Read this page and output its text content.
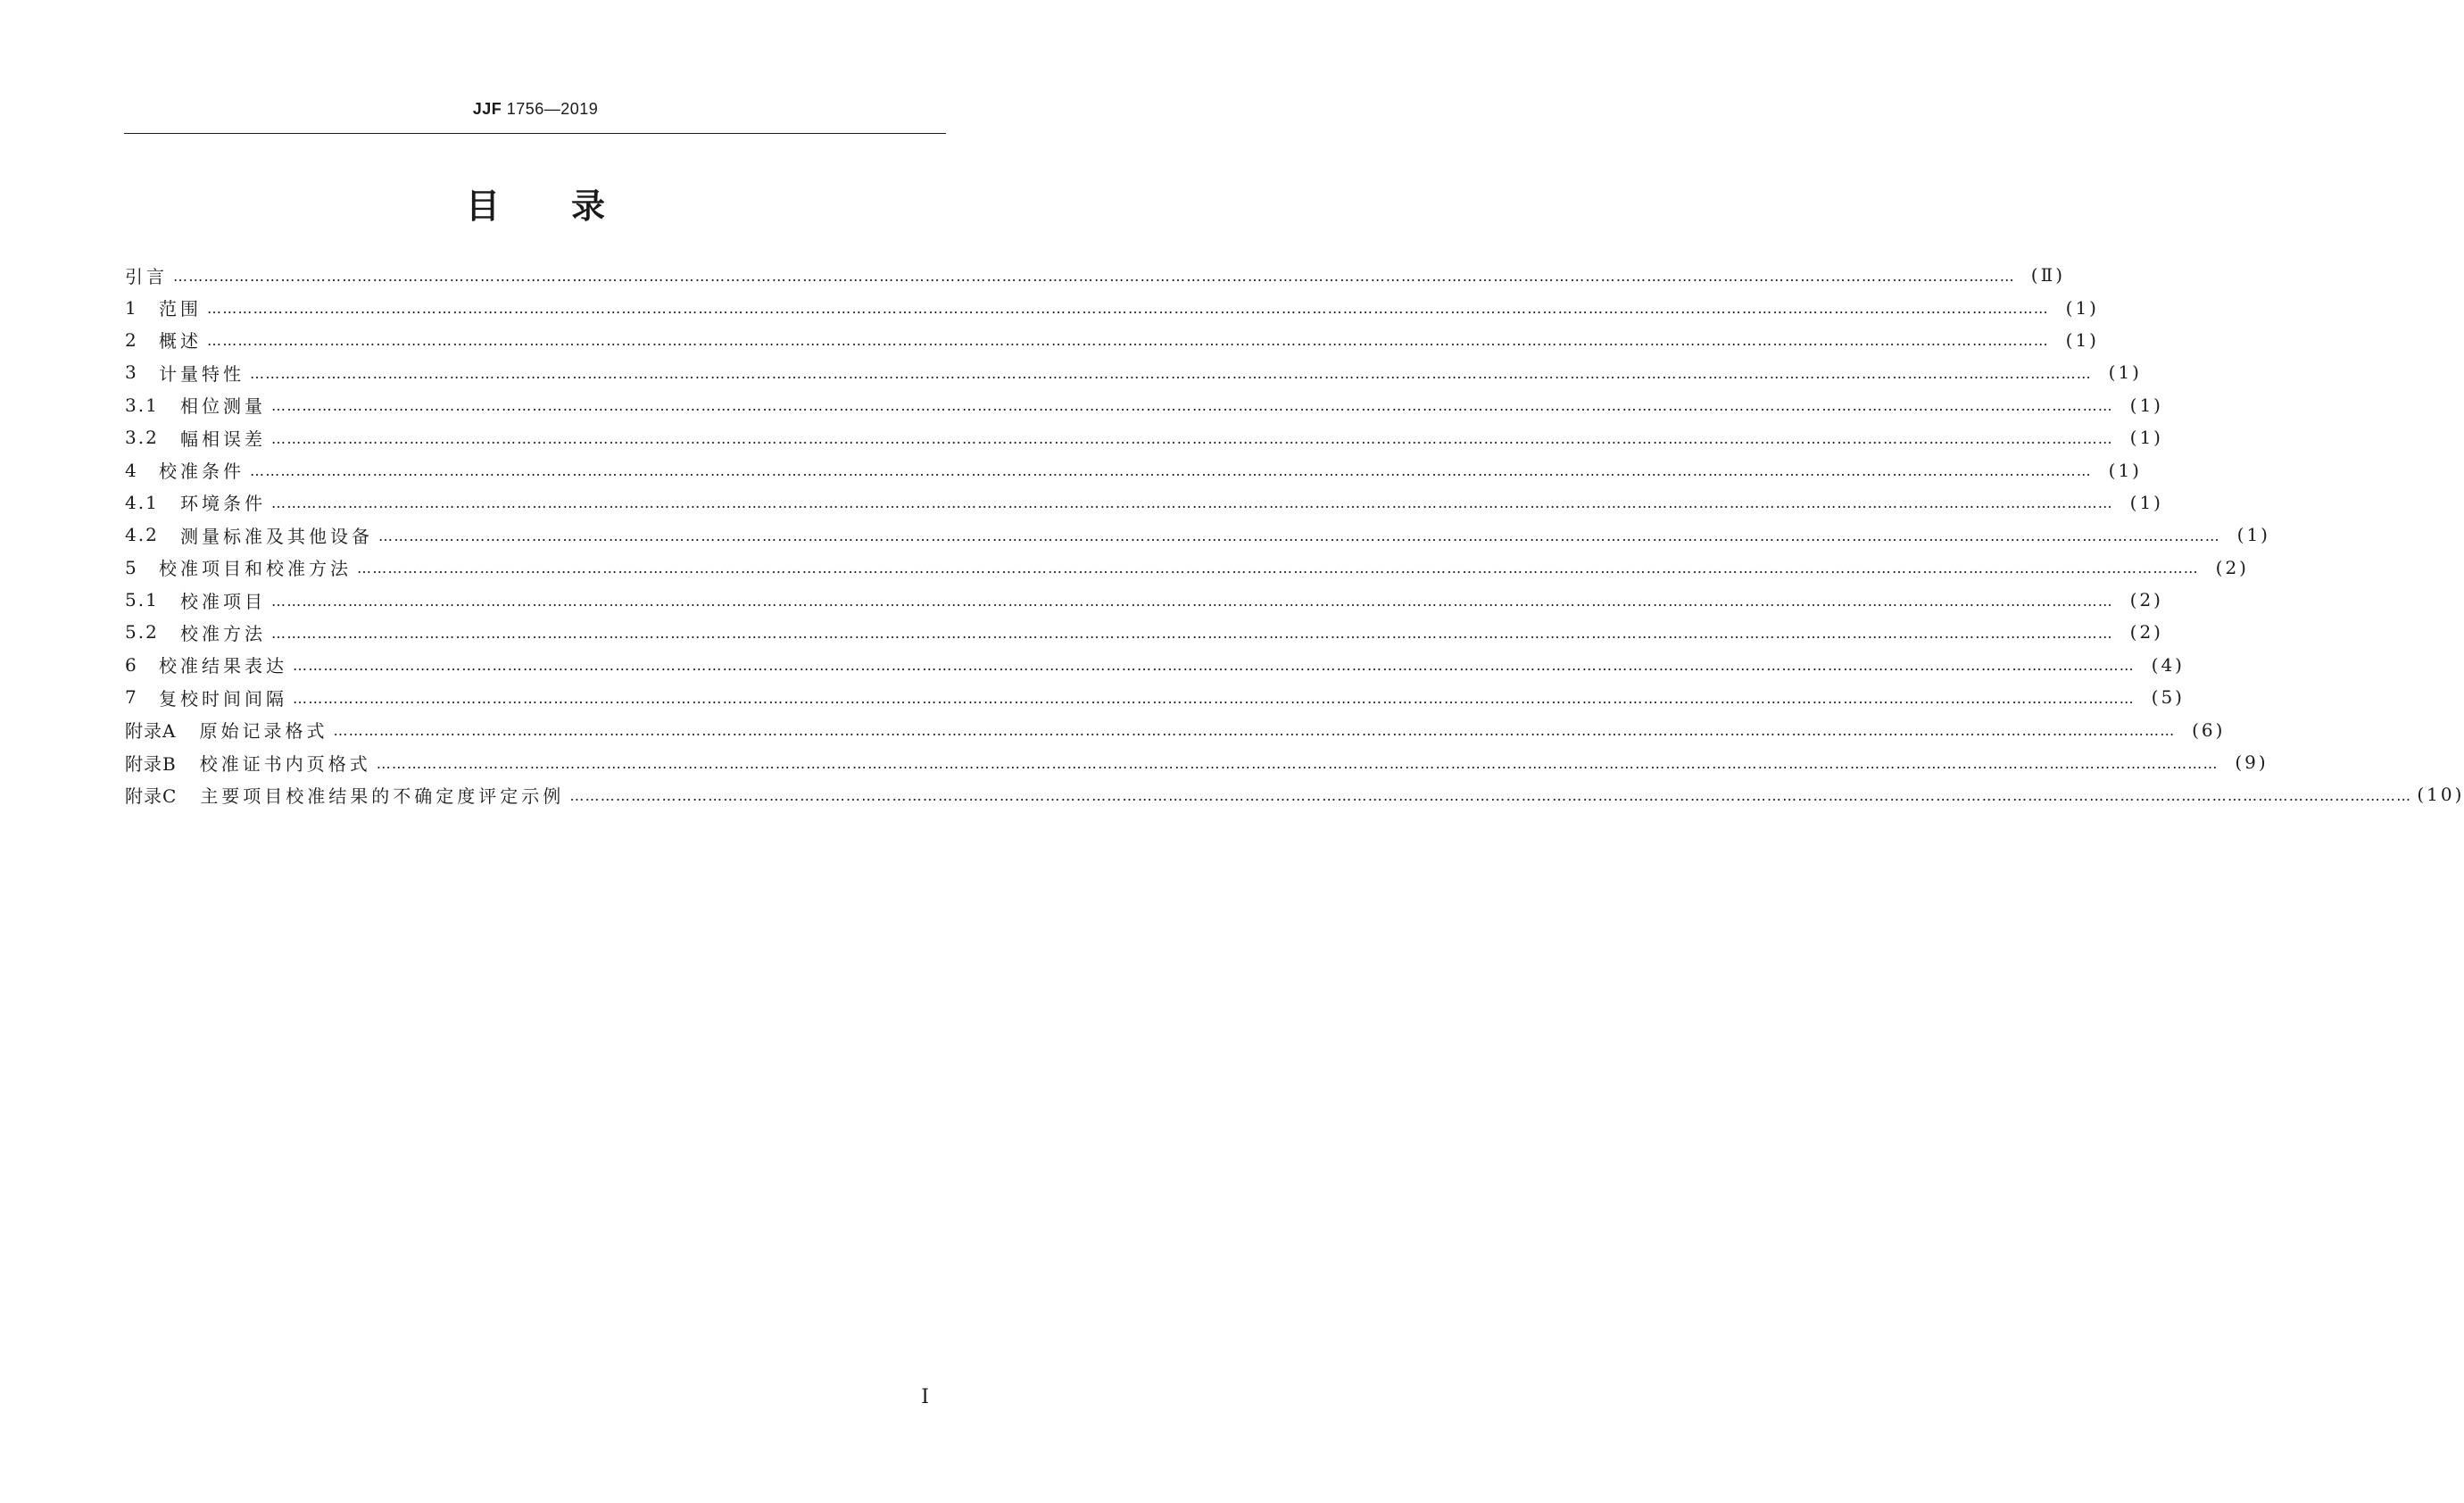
JJF 1756—2019
目录
引言 ……………………………………………………………………………………………………………………………………………………………………………………………………………………………………………………………………………………………………………………………… (Ⅱ)
1	范围 ……………………………………………………………………………………………………………………………………………………………………………………………………………………………………………………………………………………………………………………………… (1)
2	概述 ……………………………………………………………………………………………………………………………………………………………………………………………………………………………………………………………………………………………………………………………… (1)
3	计量特性 ……………………………………………………………………………………………………………………………………………………………………………………………………………………………………………………………………………………………………………………………… (1)
3.1	相位测量 ……………………………………………………………………………………………………………………………………………………………………………………………………………………………………………………………………………………………………………………………… (1)
3.2	幅相误差 ……………………………………………………………………………………………………………………………………………………………………………………………………………………………………………………………………………………………………………………………… (1)
4	校准条件 ……………………………………………………………………………………………………………………………………………………………………………………………………………………………………………………………………………………………………………………………… (1)
4.1	环境条件 ……………………………………………………………………………………………………………………………………………………………………………………………………………………………………………………………………………………………………………………………… (1)
4.2	测量标准及其他设备 ……………………………………………………………………………………………………………………………………………………………………………………………………………………………………………………………………………………………………………………………… (1)
5	校准项目和校准方法 ……………………………………………………………………………………………………………………………………………………………………………………………………………………………………………………………………………………………………………………………… (2)
5.1	校准项目 ……………………………………………………………………………………………………………………………………………………………………………………………………………………………………………………………………………………………………………………………… (2)
5.2	校准方法 ……………………………………………………………………………………………………………………………………………………………………………………………………………………………………………………………………………………………………………………………… (2)
6	校准结果表达 ……………………………………………………………………………………………………………………………………………………………………………………………………………………………………………………………………………………………………………………………… (4)
7	复校时间间隔 ……………………………………………………………………………………………………………………………………………………………………………………………………………………………………………………………………………………………………………………………… (5)
附录A 原始记录格式 ……………………………………………………………………………………………………………………………………………………………………………………………………………………………………………………………………………………………………………………………… (6)
附录B 校准证书内页格式 ……………………………………………………………………………………………………………………………………………………………………………………………………………………………………………………………………………………………………………………………… (9)
附录C 主要项目校准结果的不确定度评定示例 ……………………………………………………………………………………………………………………………………………………………………………………………………………………………………………………………………………………………………………………………… (10)
I
